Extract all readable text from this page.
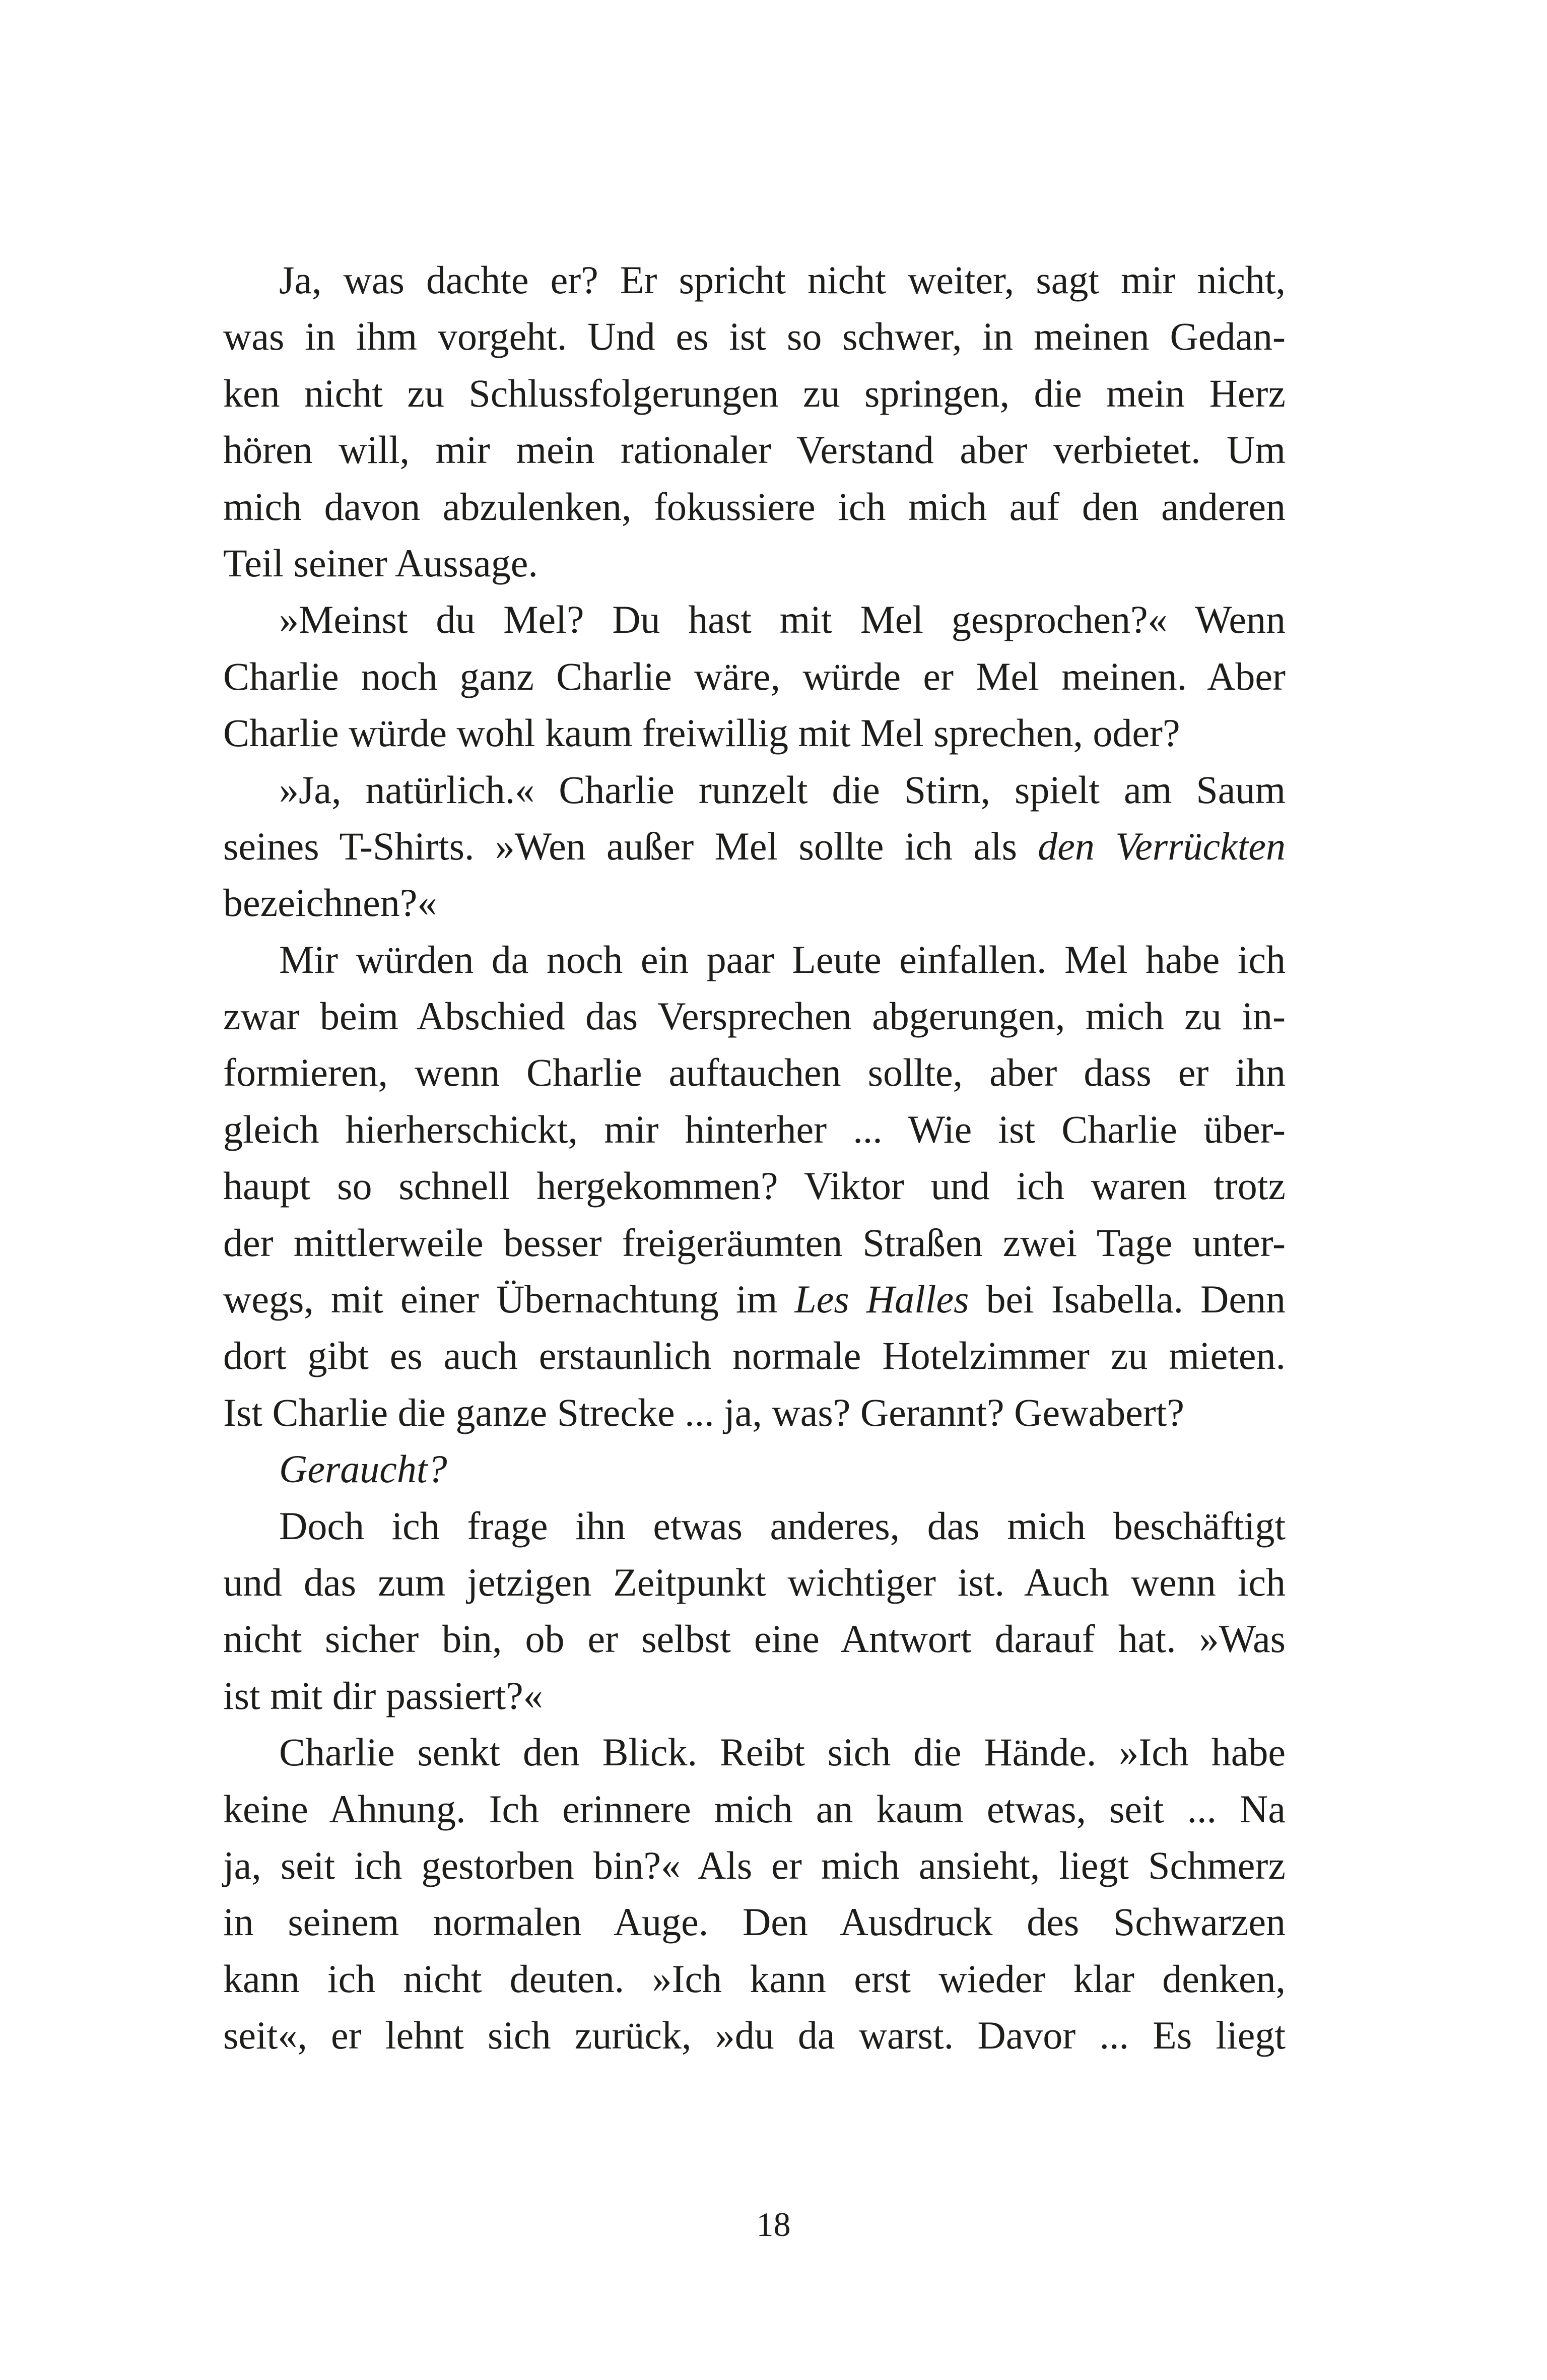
Ja, was dachte er? Er spricht nicht weiter, sagt mir nicht,
was in ihm vorgeht. Und es ist so schwer, in meinen Gedan-
ken nicht zu Schlussfolgerungen zu springen, die mein Herz
hören will, mir mein rationaler Verstand aber verbietet. Um
mich davon abzulenken, fokussiere ich mich auf den anderen
Teil seiner Aussage.
»Meinst du Mel? Du hast mit Mel gesprochen?« Wenn
Charlie noch ganz Charlie wäre, würde er Mel meinen. Aber
Charlie würde wohl kaum freiwillig mit Mel sprechen, oder?
»Ja, natürlich.« Charlie runzelt die Stirn, spielt am Saum
seines T-Shirts. »Wen außer Mel sollte ich als den Verrückten
bezeichnen?«
Mir würden da noch ein paar Leute einfallen. Mel habe ich
zwar beim Abschied das Versprechen abgerungen, mich zu in-
formieren, wenn Charlie auftauchen sollte, aber dass er ihn
gleich hierherschickt, mir hinterher ... Wie ist Charlie über-
haupt so schnell hergekommen? Viktor und ich waren trotz
der mittlerweile besser freigeräumten Straßen zwei Tage unter-
wegs, mit einer Übernachtung im Les Halles bei Isabella. Denn
dort gibt es auch erstaunlich normale Hotelzimmer zu mieten.
Ist Charlie die ganze Strecke ... ja, was? Gerannt? Gewabert?
Geraucht?
Doch ich frage ihn etwas anderes, das mich beschäftigt
und das zum jetzigen Zeitpunkt wichtiger ist. Auch wenn ich
nicht sicher bin, ob er selbst eine Antwort darauf hat. »Was
ist mit dir passiert?«
Charlie senkt den Blick. Reibt sich die Hände. »Ich habe
keine Ahnung. Ich erinnere mich an kaum etwas, seit ... Na
ja, seit ich gestorben bin?« Als er mich ansieht, liegt Schmerz
in seinem normalen Auge. Den Ausdruck des Schwarzen
kann ich nicht deuten. »Ich kann erst wieder klar denken,
seit«, er lehnt sich zurück, »du da warst. Davor ... Es liegt
18
